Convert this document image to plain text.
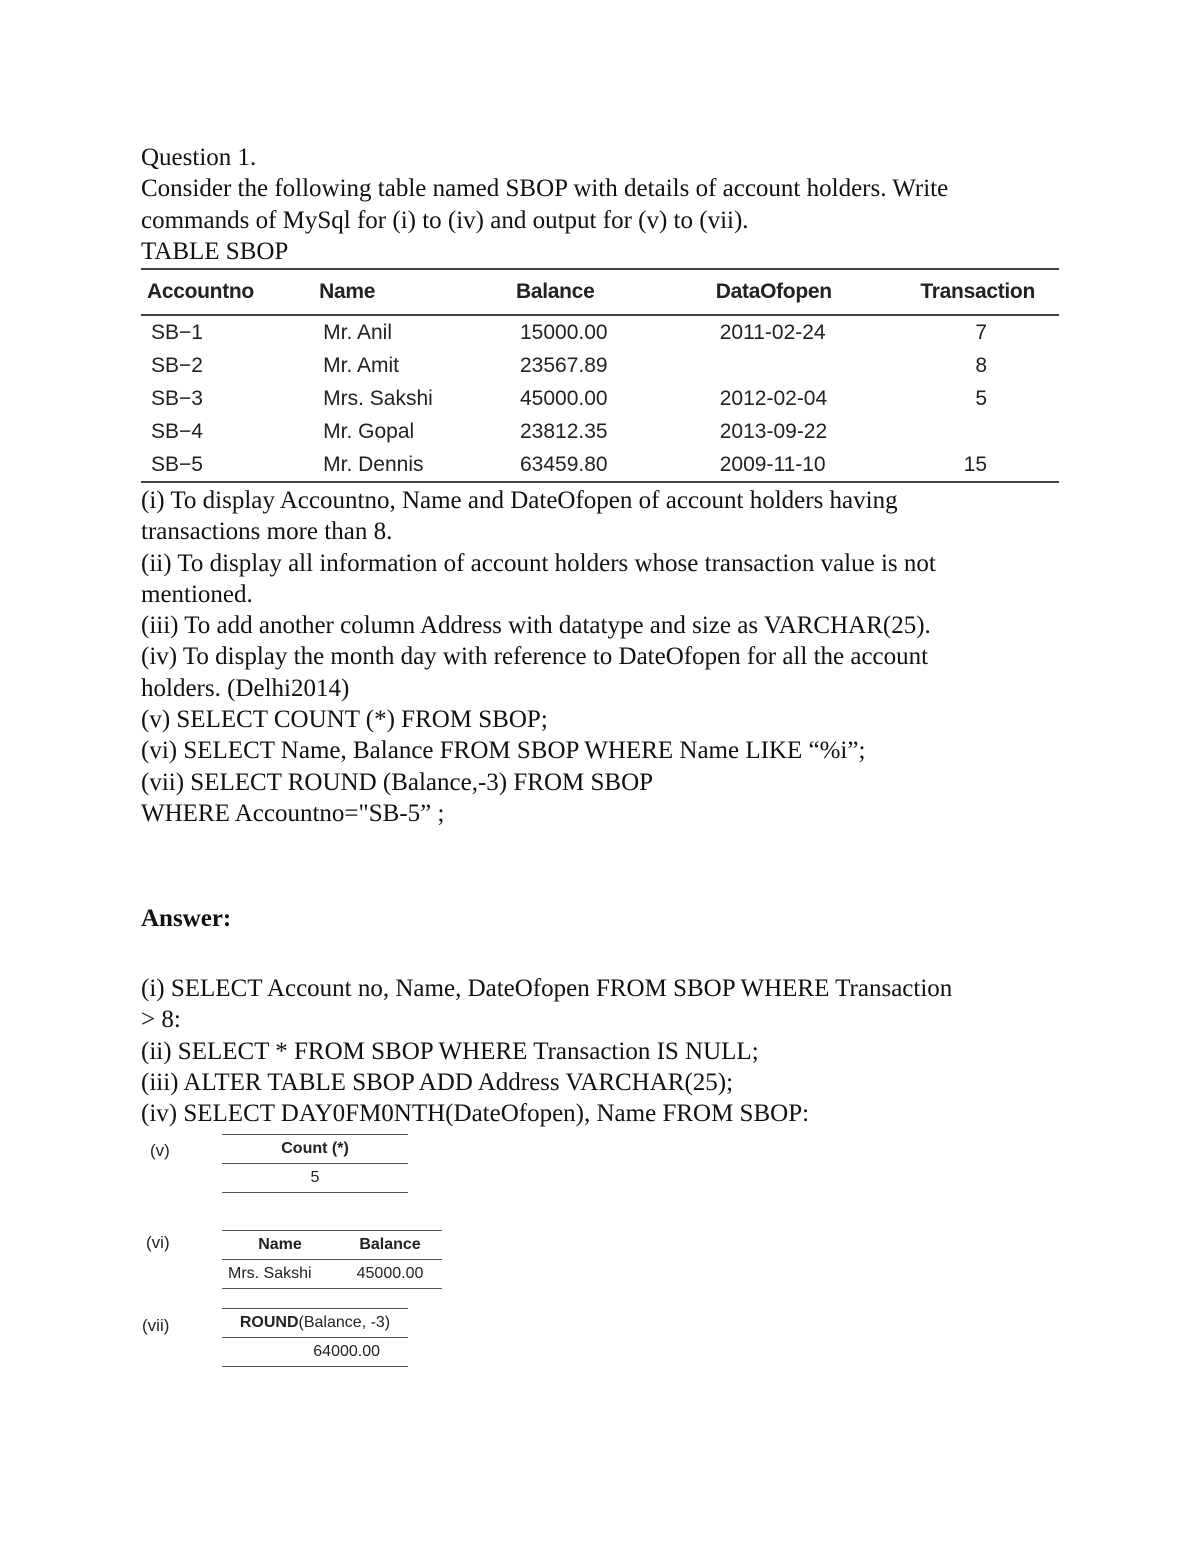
Question 1.
Consider the following table named SBOP with details of account holders. Write
commands of MySql for (i) to (iv) and output for (v) to (vii).
TABLE SBOP
Accountno	Name	Balance	DataOfopen	Transaction
SB−1	Mr. Anil	15000.00	2011-02-24	7
SB−2	Mr. Amit	23567.89		8
SB−3	Mrs. Sakshi	45000.00	2012-02-04	5
SB−4	Mr. Gopal	23812.35	2013-09-22	
SB−5	Mr. Dennis	63459.80	2009-11-10	15
(i) To display Accountno, Name and DateOfopen of account holders having
transactions more than 8.
(ii) To display all information of account holders whose transaction value is not
mentioned.
(iii) To add another column Address with datatype and size as VARCHAR(25).
(iv) To display the month day with reference to DateOfopen for all the account
holders. (Delhi2014)
(v) SELECT COUNT (*) FROM SBOP;
(vi) SELECT Name, Balance FROM SBOP WHERE Name LIKE “%i”;
(vii) SELECT ROUND (Balance,-3) FROM SBOP
WHERE Accountno="SB-5” ;
Answer:
(i) SELECT Account no, Name, DateOfopen FROM SBOP WHERE Transaction
> 8:
(ii) SELECT * FROM SBOP WHERE Transaction IS NULL;
(iii) ALTER TABLE SBOP ADD Address VARCHAR(25);
(iv) SELECT DAY0FM0NTH(DateOfopen), Name FROM SBOP:
(v)	Count (*)
5
(vi)	Name	Balance
Mrs. Sakshi	45000.00
(vii)	ROUND(Balance, -3)
64000.00
